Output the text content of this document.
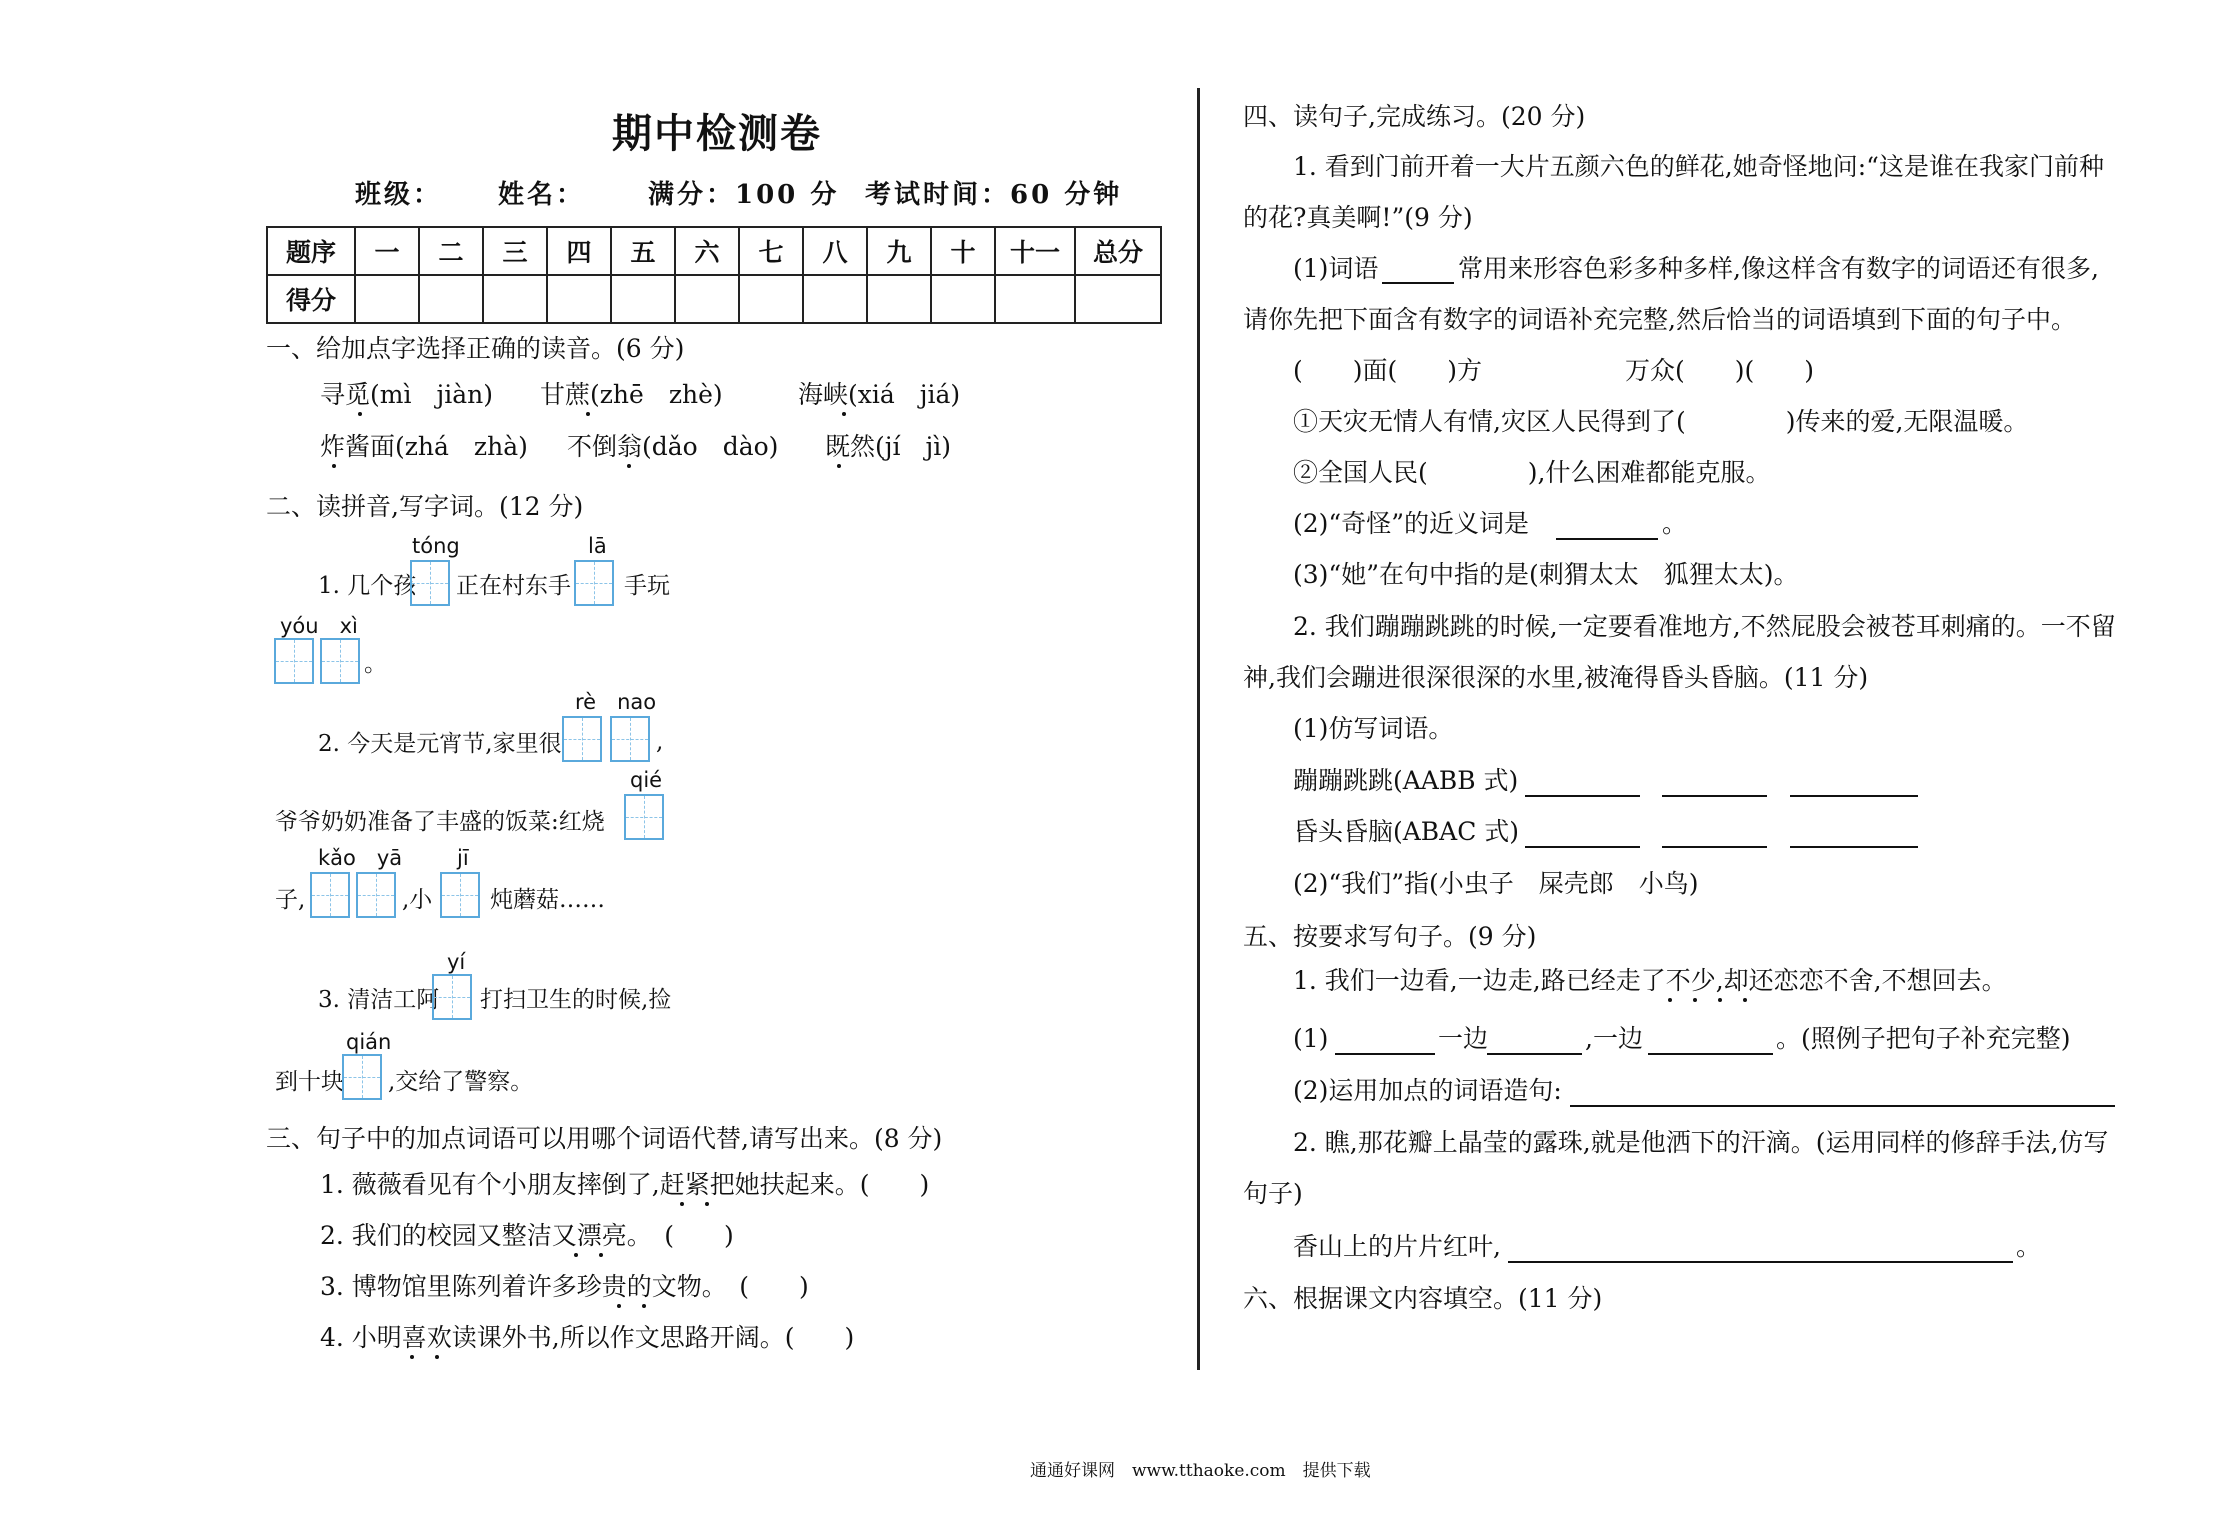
期中检测卷
班级： 姓名： 满分：100 分 考试时间：60 分钟
题序	一	二	三	四	五	六	七	八	九	十	十一	总分
得分												
一、给加点字选择正确的读音。(6 分)
寻觅(mì　jiàn) 甘蔗(zhē　zhè)	海峡(xiá　jiá)
炸酱面(zhá　zhà) 不倒翁(dǎo　dào) 既然(jí　jì)
二、读拼音,写字词。(12 分)
tóng	lā
1. 几个孩 正在村东手 手玩
yóu　xì
。
rè　nao
2. 今天是元宵节,家里很	,
qié
爷爷奶奶准备了丰盛的饭菜:红烧
kǎo　yā	jī
子,	,小	炖蘑菇……
yí
3. 清洁工阿 打扫卫生的时候,捡
qián
到十块 ,交给了警察。
三、句子中的加点词语可以用哪个词语代替,请写出来。(8 分)
1. 薇薇看见有个小朋友摔倒了,赶紧把她扶起来。(　　)
2. 我们的校园又整洁又漂亮。　(　　)
3. 博物馆里陈列着许多珍贵的文物。　(　　)
4. 小明喜欢读课外书,所以作文思路开阔。(　　)
四、读句子,完成练习。(20 分)
1. 看到门前开着一大片五颜六色的鲜花,她奇怪地问:“这是谁在我家门前种
的花?真美啊!”(9 分)
(1)词语	常用来形容色彩多种多样,像这样含有数字的词语还有很多,
请你先把下面含有数字的词语补充完整,然后恰当的词语填到下面的句子中。
(　　)面(　　)方	万众(　　)(　　)
①天灾无情人有情,灾区人民得到了(　　　　)传来的爱,无限温暖。
②全国人民(　　　　),什么困难都能克服。
(2)“奇怪”的近义词是	。
(3)“她”在句中指的是(刺猬太太　狐狸太太)。
2. 我们蹦蹦跳跳的时候,一定要看准地方,不然屁股会被苍耳刺痛的。一不留
神,我们会蹦进很深很深的水里,被淹得昏头昏脑。(11 分)
(1)仿写词语。
蹦蹦跳跳(AABB 式)
昏头昏脑(ABAC 式)
(2)“我们”指(小虫子　屎壳郎　小鸟)
五、按要求写句子。(9 分)
1. 我们一边看,一边走,路已经走了不少,却还恋恋不舍,不想回去。
(1)	一边	,一边	。(照例子把句子补充完整)
(2)运用加点的词语造句:
2. 瞧,那花瓣上晶莹的露珠,就是他洒下的汗滴。(运用同样的修辞手法,仿写
句子)
香山上的片片红叶,	。
六、根据课文内容填空。(11 分)
通通好课网　www.tthaoke.com　提供下载
